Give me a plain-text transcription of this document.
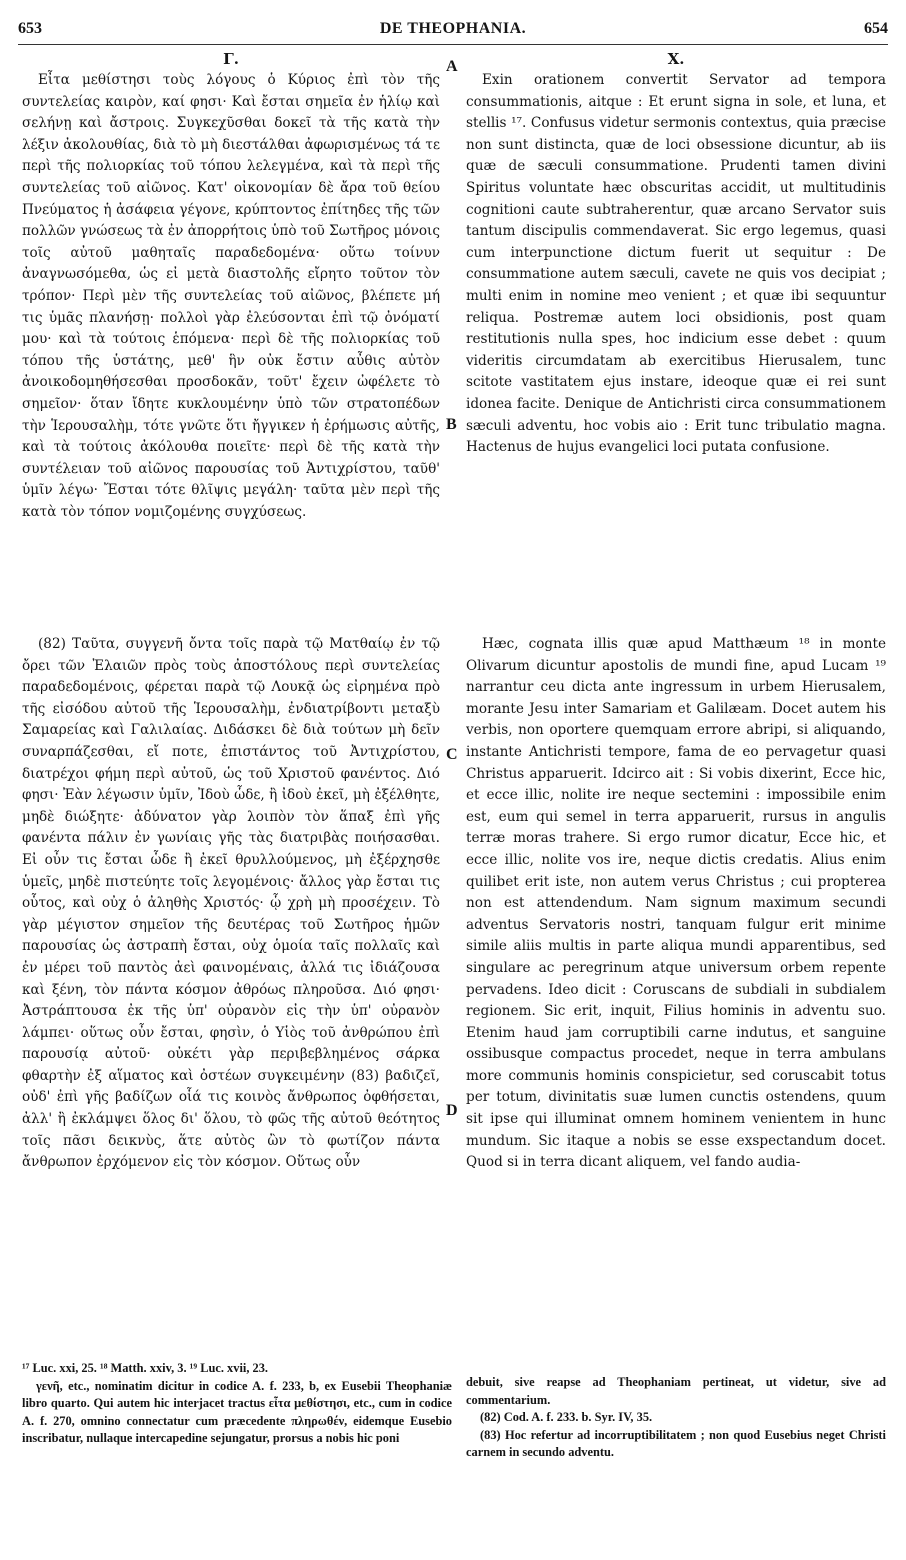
653	DE THEOPHANIA.	654
A
B
C
D
Γ.

Εἶτα μεθίστησι τοὺς λόγους ὁ Κύριος ἐπὶ τὸν τῆς συντελείας καιρὸν, καί φησι· Καὶ ἔσται σημεῖα ἐν ἡλίῳ καὶ σελήνῃ καὶ ἄστροις. Συγκεχῦσθαι δοκεῖ τὰ τῆς κατὰ τὴν λέξιν ἀκολουθίας, διὰ τὸ μὴ διεστάλθαι ἀφωρισμένως τά τε περὶ τῆς πολιορκίας τοῦ τόπου λελεγμένα, καὶ τὰ περὶ τῆς συντελείας τοῦ αἰῶνος. Κατ' οἰκονομίαν δὲ ἄρα τοῦ θείου Πνεύματος ἡ ἀσάφεια γέγονε, κρύπτοντος ἐπίτηδες τῆς τῶν πολλῶν γνώσεως τὰ ἐν ἀπορρήτοις ὑπὸ τοῦ Σωτῆρος μόνοις τοῖς αὐτοῦ μαθηταῖς παραδεδομένα· οὕτω τοίνυν ἀναγνωσόμεθα, ὡς εἰ μετὰ διαστολῆς εἴρητο τοῦτον τὸν τρόπον· Περὶ μὲν τῆς συντελείας τοῦ αἰῶνος, βλέπετε μή τις ὑμᾶς πλανήσῃ· πολλοὶ γὰρ ἐλεύσονται ἐπὶ τῷ ὀνόματί μου· καὶ τὰ τούτοις ἑπόμενα· περὶ δὲ τῆς πολιορκίας τοῦ τόπου τῆς ὑστάτης, μεθ' ἣν οὐκ ἔστιν αὖθις αὐτὸν ἀνοικοδομηθήσεσθαι προσδοκᾶν, τοῦτ' ἔχειν ὠφέλετε τὸ σημεῖον· ὅταν ἴδητε κυκλουμένην ὑπὸ τῶν στρατοπέδων τὴν Ἱερουσαλὴμ, τότε γνῶτε ὅτι ἤγγικεν ἡ ἐρήμωσις αὐτῆς, καὶ τὰ τούτοις ἀκόλουθα ποιεῖτε· περὶ δὲ τῆς κατὰ τὴν συντέλειαν τοῦ αἰῶνος παρουσίας τοῦ Ἀντιχρίστου, ταῦθ' ὑμῖν λέγω· Ἔσται τότε θλῖψις μεγάλη· ταῦτα μὲν περὶ τῆς κατὰ τὸν τόπον νομιζομένης συγχύσεως.

X.

Exin orationem convertit Servator ad tempora consummationis, aitque : Et erunt signa in sole, et luna, et stellis ¹⁷. Confusus videtur sermonis contextus, quia præcise non sunt distincta, quæ de loci obsessione dicuntur, ab iis quæ de sæculi consummatione. Prudenti tamen divini Spiritus voluntate hæc obscuritas accidit, ut multitudinis cognitioni caute subtraherentur, quæ arcano Servator suis tantum discipulis commendaverat. Sic ergo legemus, quasi cum interpunctione dictum fuerit ut sequitur : De consummatione autem sæculi, cavete ne quis vos decipiat ; multi enim in nomine meo venient ; et quæ ibi sequuntur reliqua. Postremæ autem loci obsidionis, post quam restitutionis nulla spes, hoc indicium esse debet : quum videritis circumdatam ab exercitibus Hierusalem, tunc scitote vastitatem ejus instare, ideoque quæ ei rei sunt idonea facite. Denique de Antichristi circa consummationem sæculi adventu, hoc vobis aio : Erit tunc tribulatio magna. Hactenus de hujus evangelici loci putata confusione.

(82) Ταῦτα, συγγενῆ ὄντα τοῖς παρὰ τῷ Ματθαίῳ ἐν τῷ ὄρει τῶν Ἐλαιῶν πρὸς τοὺς ἀποστόλους περὶ συντελείας παραδεδομένοις, φέρεται παρὰ τῷ Λουκᾷ ὡς εἰρημένα πρὸ τῆς εἰσόδου αὐτοῦ τῆς Ἱερουσαλὴμ, ἐνδιατρίβοντι μεταξὺ Σαμαρείας καὶ Γαλιλαίας. Διδάσκει δὲ διὰ τούτων μὴ δεῖν συναρπάζεσθαι, εἴ ποτε, ἐπιστάντος τοῦ Ἀντιχρίστου, διατρέχοι φήμη περὶ αὐτοῦ, ὡς τοῦ Χριστοῦ φανέντος. Διό φησι· Ἐὰν λέγωσιν ὑμῖν, Ἰδοὺ ὧδε, ἢ ἰδοὺ ἐκεῖ, μὴ ἐξέλθητε, μηδὲ διώξητε· ἀδύνατον γὰρ λοιπὸν τὸν ἅπαξ ἐπὶ γῆς φανέντα πάλιν ἐν γωνίαις γῆς τὰς διατριβὰς ποιήσασθαι. Εἰ οὖν τις ἔσται ὧδε ἢ ἐκεῖ θρυλλούμενος, μὴ ἐξέρχησθε ὑμεῖς, μηδὲ πιστεύητε τοῖς λεγομένοις· ἄλλος γὰρ ἔσται τις οὗτος, καὶ οὐχ ὁ ἀληθὴς Χριστός· ᾧ χρὴ μὴ προσέχειν. Τὸ γὰρ μέγιστον σημεῖον τῆς δευτέρας τοῦ Σωτῆρος ἡμῶν παρουσίας ὡς ἀστραπὴ ἔσται, οὐχ ὁμοία ταῖς πολλαῖς καὶ ἐν μέρει τοῦ παντὸς ἀεὶ φαινομέναις, ἀλλά τις ἰδιάζουσα καὶ ξένη, τὸν πάντα κόσμον ἀθρόως πληροῦσα. Διό φησι· Ἀστράπτουσα ἐκ τῆς ὑπ' οὐρανὸν εἰς τὴν ὑπ' οὐρανὸν λάμπει· οὕτως οὖν ἔσται, φησὶν, ὁ Υἱὸς τοῦ ἀνθρώπου ἐπὶ παρουσίᾳ αὐτοῦ· οὐκέτι γὰρ περιβεβλημένος σάρκα φθαρτὴν ἐξ αἵματος καὶ ὀστέων συγκειμένην (83) βαδιζεῖ, οὐδ' ἐπὶ γῆς βαδίζων οἷά τις κοινὸς ἄνθρωπος ὀφθήσεται, ἀλλ' ἢ ἐκλάμψει ὅλος δι' ὅλου, τὸ φῶς τῆς αὐτοῦ θεότητος τοῖς πᾶσι δεικνὺς, ἅτε αὐτὸς ὢν τὸ φωτίζον πάντα ἄνθρωπον ἐρχόμενον εἰς τὸν κόσμον. Οὕτως οὖν

Hæc, cognata illis quæ apud Matthæum ¹⁸ in monte Olivarum dicuntur apostolis de mundi fine, apud Lucam ¹⁹ narrantur ceu dicta ante ingressum in urbem Hierusalem, morante Jesu inter Samariam et Galilæam. Docet autem his verbis, non oportere quemquam errore abripi, si aliquando, instante Antichristi tempore, fama de eo pervagetur quasi Christus apparuerit. Idcirco ait : Si vobis dixerint, Ecce hic, et ecce illic, nolite ire neque sectemini : impossibile enim est, eum qui semel in terra apparuerit, rursus in angulis terræ moras trahere. Si ergo rumor dicatur, Ecce hic, et ecce illic, nolite vos ire, neque dictis credatis. Alius enim quilibet erit iste, non autem verus Christus ; cui propterea non est attendendum. Nam signum maximum secundi adventus Servatoris nostri, tanquam fulgur erit minime simile aliis multis in parte aliqua mundi apparentibus, sed singulare ac peregrinum atque universum orbem repente pervadens. Ideo dicit : Coruscans de subdiali in subdialem regionem. Sic erit, inquit, Filius hominis in adventu suo. Etenim haud jam corruptibili carne indutus, et sanguine ossibusque compactus procedet, neque in terra ambulans more communis hominis conspicietur, sed coruscabit totus per totum, divinitatis suæ lumen cunctis ostendens, quum sit ipse qui illuminat omnem hominem venientem in hunc mundum. Sic itaque a nobis se esse exspectandum docet. Quod si in terra dicant aliquem, vel fando audia-

¹⁷ Luc. xxi, 25. ¹⁸ Matth. xxiv, 3. ¹⁹ Luc. xvii, 23.

γενῆ, etc., nominatim dicitur in codice A. f. 233, b, ex Eusebii Theophaniæ libro quarto. Qui autem hic interjacet tractus εἶτα μεθίστησι, etc., cum in codice A. f. 270, omnino connectatur cum præcedente πληρωθέν, eidemque Eusebio inscribatur, nullaque intercapedine sejungatur, prorsus a nobis hic poni

debuit, sive reapse ad Theophaniam pertineat, ut videtur, sive ad commentarium.

(82) Cod. A. f. 233. b. Syr. IV, 35.

(83) Hoc refertur ad incorruptibilitatem ; non quod Eusebius neget Christi carnem in secundo adventu.
